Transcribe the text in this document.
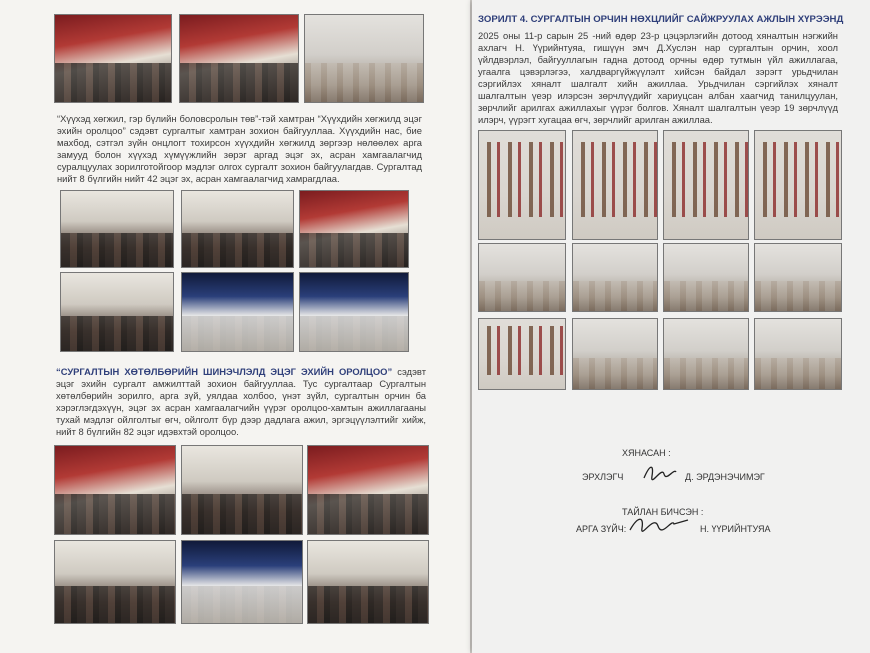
“Хүүхэд хөгжил, гэр бүлийн боловсролын төв”-тэй хамтран “Хүүхдийн хөгжилд эцэг эхийн оролцоо” сэдэвт сургалтыг хамтран зохион байгууллаа. Хүүхдийн нас, бие махбод, сэтгэл зүйн онцлогт тохирсон хүүхдийн хөгжилд зөргээр нөлөөлөх арга замууд болон хүүхэд хүмүүжлийн зөрэг аргад эцэг эх, асран хамгаалагчид суралцуулах зорилготойгоор мэдлэг олгох сургалт зохион байгуулагдав. Сургалтад нийт 8 бүлгийн нийт 42 эцэг эх, асран хамгаалагчид хамрагдлаа.

“СУРГАЛТЫН ХӨТӨЛБӨРИЙН ШИНЭЧЛЭЛД ЭЦЭГ ЭХИЙН ОРОЛЦОО” сэдэвт эцэг эхийн сургалт амжилттай зохион байгууллаа. Тус сургалтаар Сургалтын хөтөлбөрийн зорилго, арга зүй, уялдаа холбоо, үнэт зүйл, сургалтын орчин ба хэрэглэгдэхүүн, эцэг эх асран хамгаалагчийн үүрэг оролцоо-хамтын ажиллагааны тухай мэдлэг ойлголтыг өгч, ойлголт бүр дээр дадлага ажил, эргэцүүлэлтийг хийж, нийт 8 бүлгийн 82 эцэг идэвхтэй оролцоо.

ЗОРИЛТ 4. СУРГАЛТЫН ОРЧИН НӨХЦЛИЙГ САЙЖРУУЛАХ АЖЛЫН ХҮРЭЭНД

2025 оны 11-р сарын 25 -ний өдөр 23-р цэцэрлэгийн дотоод хяналтын нэгжийн ахлагч Н. Үүрийнтуяа, гишүүн эмч Д.Хуслэн нар сургалтын орчин, хоол үйлдвэрлэл, байгууллагын гадна дотоод орчны өдөр тутмын үйл ажиллагаа, угаалга цэвэрлэгээ, халдваргүйжүүлэлт хийсэн байдал зэрэгт урьдчилан сэргийлэх хяналт шалгалт хийн ажиллаа. Урьдчилан сэргийлэх хяналт шалгалтын үеэр илэрсэн зөрчлүүдийг хариуцсан албан хаагчид танилцуулан, зөрчлийг арилгах ажиллахыг үүрэг болгов. Хяналт шалгалтын үеэр 19 зөрчлүүд илэрч, үүрэгт хугацаа өгч, зөрчлийг арилган ажиллаа.

ХЯНАСАН :
ЭРХЛЭГЧ	Д. ЭРДЭНЭЧИМЭГ
ТАЙЛАН БИЧСЭН :
АРГА ЗҮЙЧ:	Н. ҮҮРИЙНТУЯА
